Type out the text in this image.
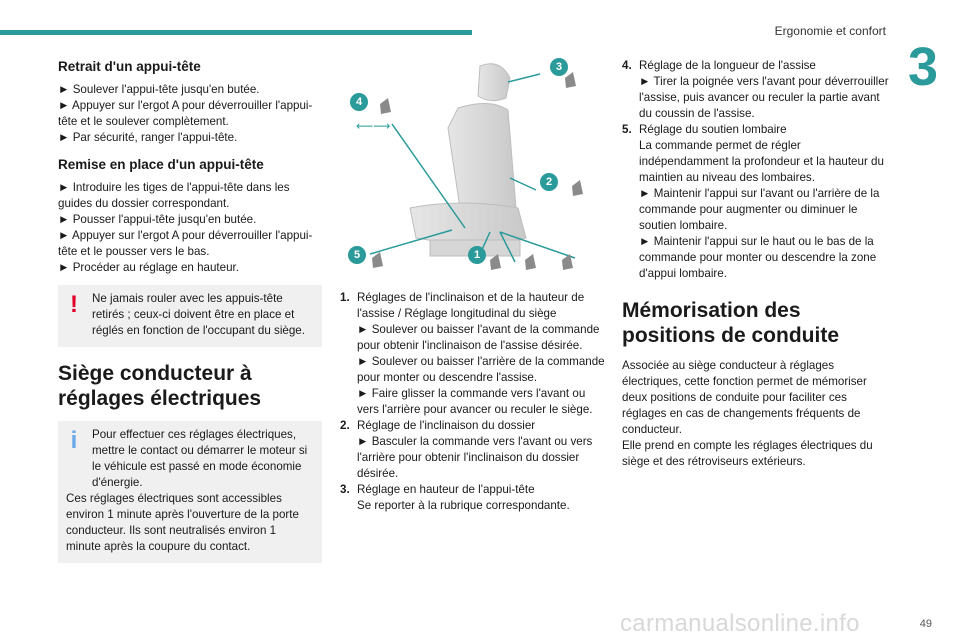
Ergonomie et confort
3
Retrait d'un appui-tête

► Soulever l'appui-tête jusqu'en butée.

► Appuyer sur l'ergot A pour déverrouiller l'appui-tête et le soulever complètement.

► Par sécurité, ranger l'appui-tête.

Remise en place d'un appui-tête

► Introduire les tiges de l'appui-tête dans les guides du dossier correspondant.

► Pousser l'appui-tête jusqu'en butée.

► Appuyer sur l'ergot A pour déverrouiller l'appui-tête et le pousser vers le bas.

► Procéder au réglage en hauteur.

!	Ne jamais rouler avec les appuis-tête retirés ; ceux-ci doivent être en place et réglés en fonction de l'occupant du siège.
Siège conducteur à réglages électriques
i	Pour effectuer ces réglages électriques, mettre le contact ou démarrer le moteur si le véhicule est passé en mode économie d'énergie.
Ces réglages électriques sont accessibles environ 1 minute après l'ouverture de la porte conducteur. Ils sont neutralisés environ 1 minute après la coupure du contact.
⟵⟶
3
4
2
5	1
1. Réglages de l'inclinaison et de la hauteur de l'assise / Réglage longitudinal du siège

► Soulever ou baisser l'avant de la commande pour obtenir l'inclinaison de l'assise désirée.

► Soulever ou baisser l'arrière de la commande pour monter ou descendre l'assise.

► Faire glisser la commande vers l'avant ou vers l'arrière pour avancer ou reculer le siège.

2. Réglage de l'inclinaison du dossier

► Basculer la commande vers l'avant ou vers l'arrière pour obtenir l'inclinaison du dossier désirée.

3. Réglage en hauteur de l'appui-tête

Se reporter à la rubrique correspondante.

4. Réglage de la longueur de l'assise

► Tirer la poignée vers l'avant pour déverrouiller l'assise, puis avancer ou reculer la partie avant du coussin de l'assise.

5. Réglage du soutien lombaire

La commande permet de régler indépendamment la profondeur et la hauteur du maintien au niveau des lombaires.

► Maintenir l'appui sur l'avant ou l'arrière de la commande pour augmenter ou diminuer le soutien lombaire.

► Maintenir l'appui sur le haut ou le bas de la commande pour monter ou descendre la zone d'appui lombaire.

Mémorisation des positions de conduite

Associée au siège conducteur à réglages électriques, cette fonction permet de mémoriser deux positions de conduite pour faciliter ces réglages en cas de changements fréquents de conducteur.

Elle prend en compte les réglages électriques du siège et des rétroviseurs extérieurs.

carmanualsonline.info	49
